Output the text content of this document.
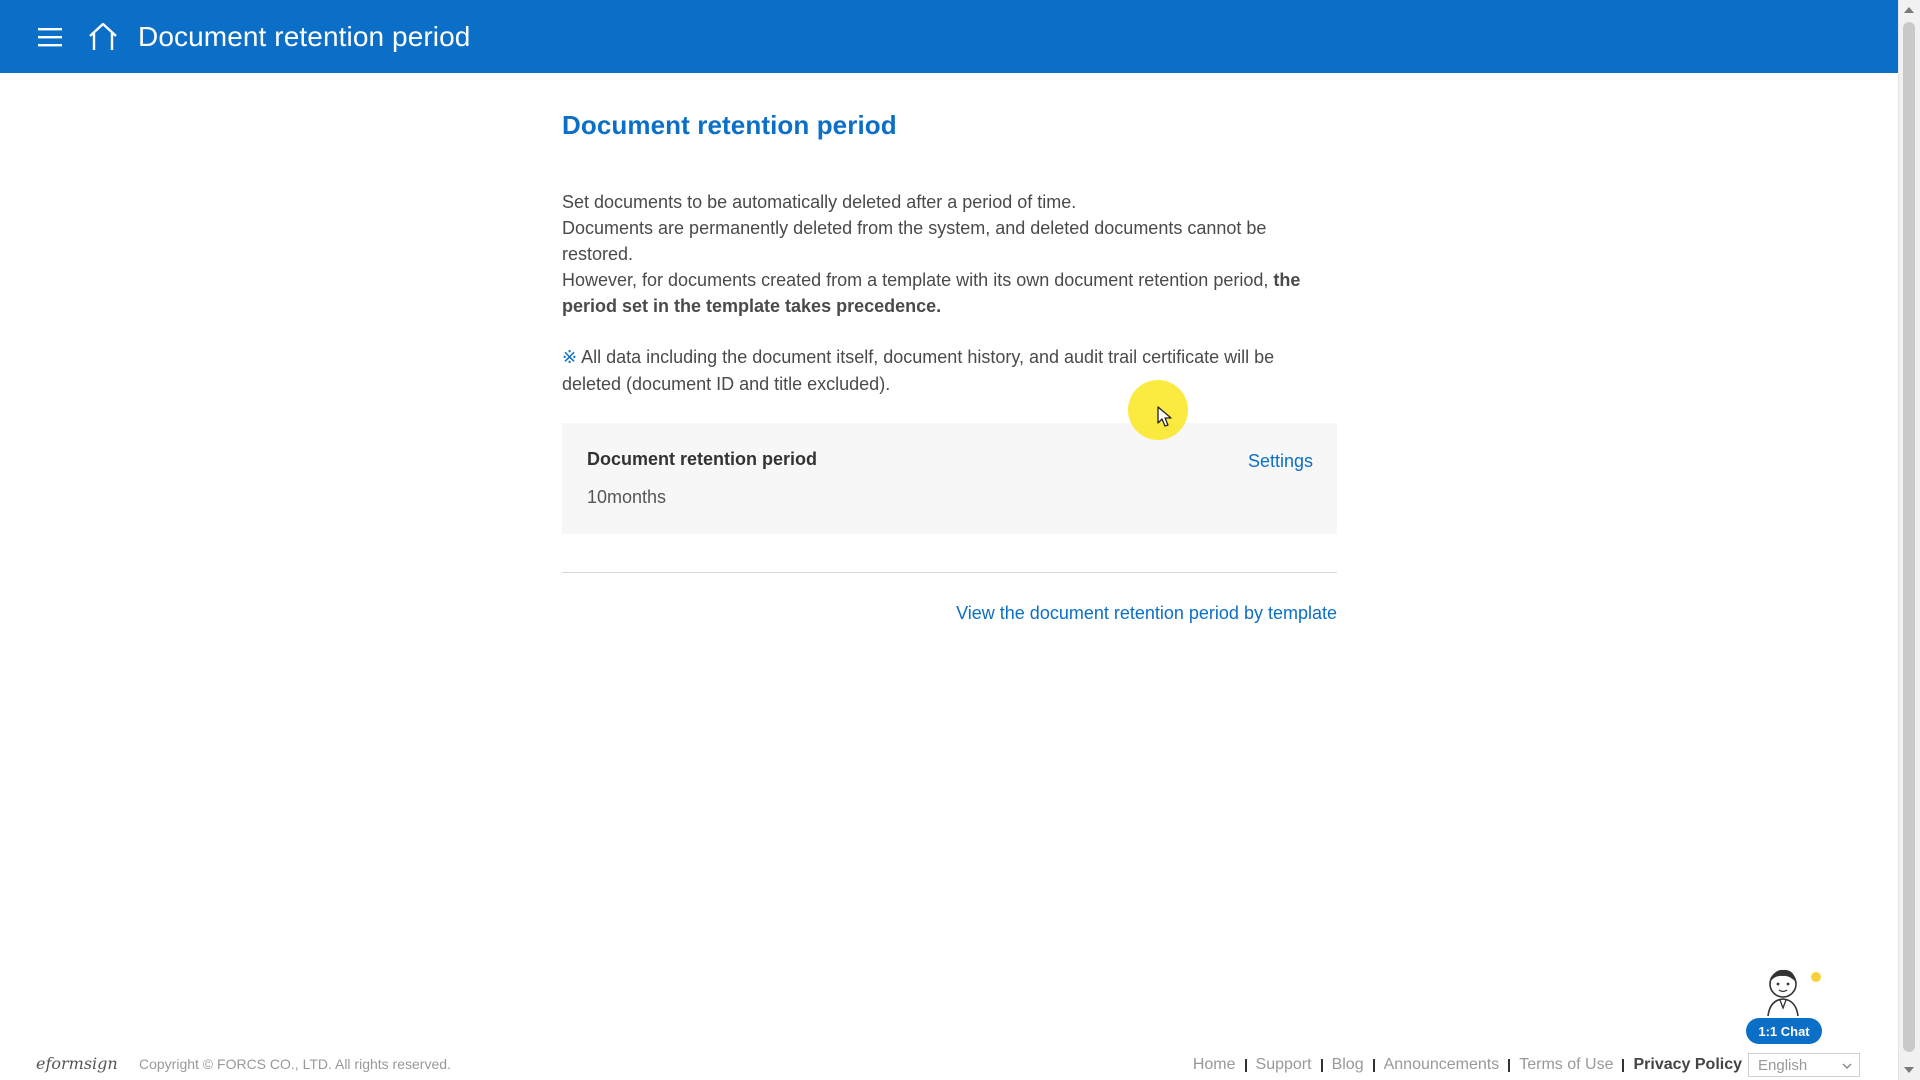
Document retention period
Document retention period

Set documents to be automatically deleted after a period of time.

Documents are permanently deleted from the system, and deleted documents cannot be restored.

However, for documents created from a template with its own document retention period, the period set in the template takes precedence.

※ All data including the document itself, document history, and audit trail certificate will be deleted (document ID and title excluded).
Document retention period
10months
Settings
View the document retention period by template
1:1 Chat
eformsign Copyright © FORCS CO., LTD. All rights reserved.	Home Support Blog Announcements Terms of Use Privacy Policy	English
